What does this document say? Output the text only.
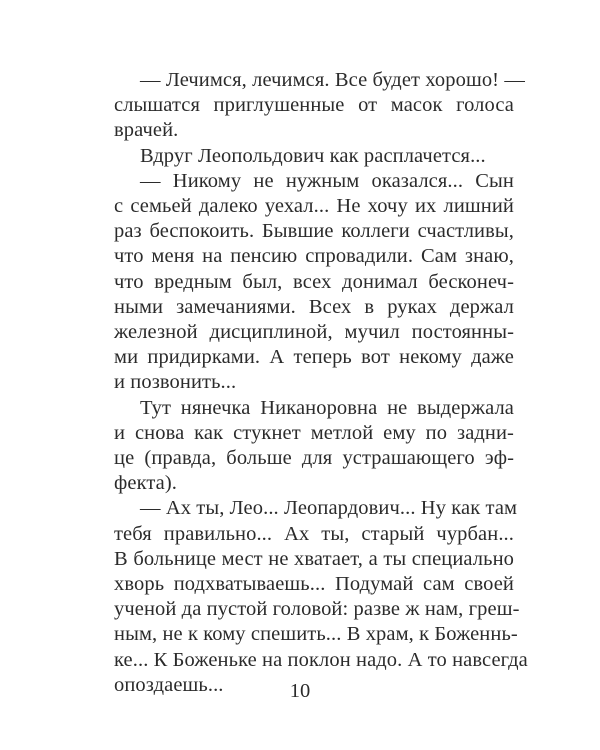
— Лечимся, лечимся. Все будет хорошо! —
слышатся приглушенные от масок голоса
врачей.

Вдруг Леопольдович как расплачется...

— Никому не нужным оказался... Сын
с семьей далеко уехал... Не хочу их лишний
раз беспокоить. Бывшие коллеги счастливы,
что меня на пенсию спровадили. Сам знаю,
что вредным был, всех донимал бесконеч-
ными замечаниями. Всех в руках держал
железной дисциплиной, мучил постоянны-
ми придирками. А теперь вот некому даже
и позвонить...

Тут нянечка Никаноровна не выдержала
и снова как стукнет метлой ему по задни-
це (правда, больше для устрашающего эф-
фекта).

— Ах ты, Лео... Леопардович... Ну как там
тебя правильно... Ах ты, старый чурбан...
В больнице мест не хватает, а ты специально
хворь подхватываешь... Подумай сам своей
ученой да пустой головой: разве ж нам, греш-
ным, не к кому спешить... В храм, к Боженнь-
ке... К Боженьке на поклон надо. А то навсегда
опоздаешь...	10
